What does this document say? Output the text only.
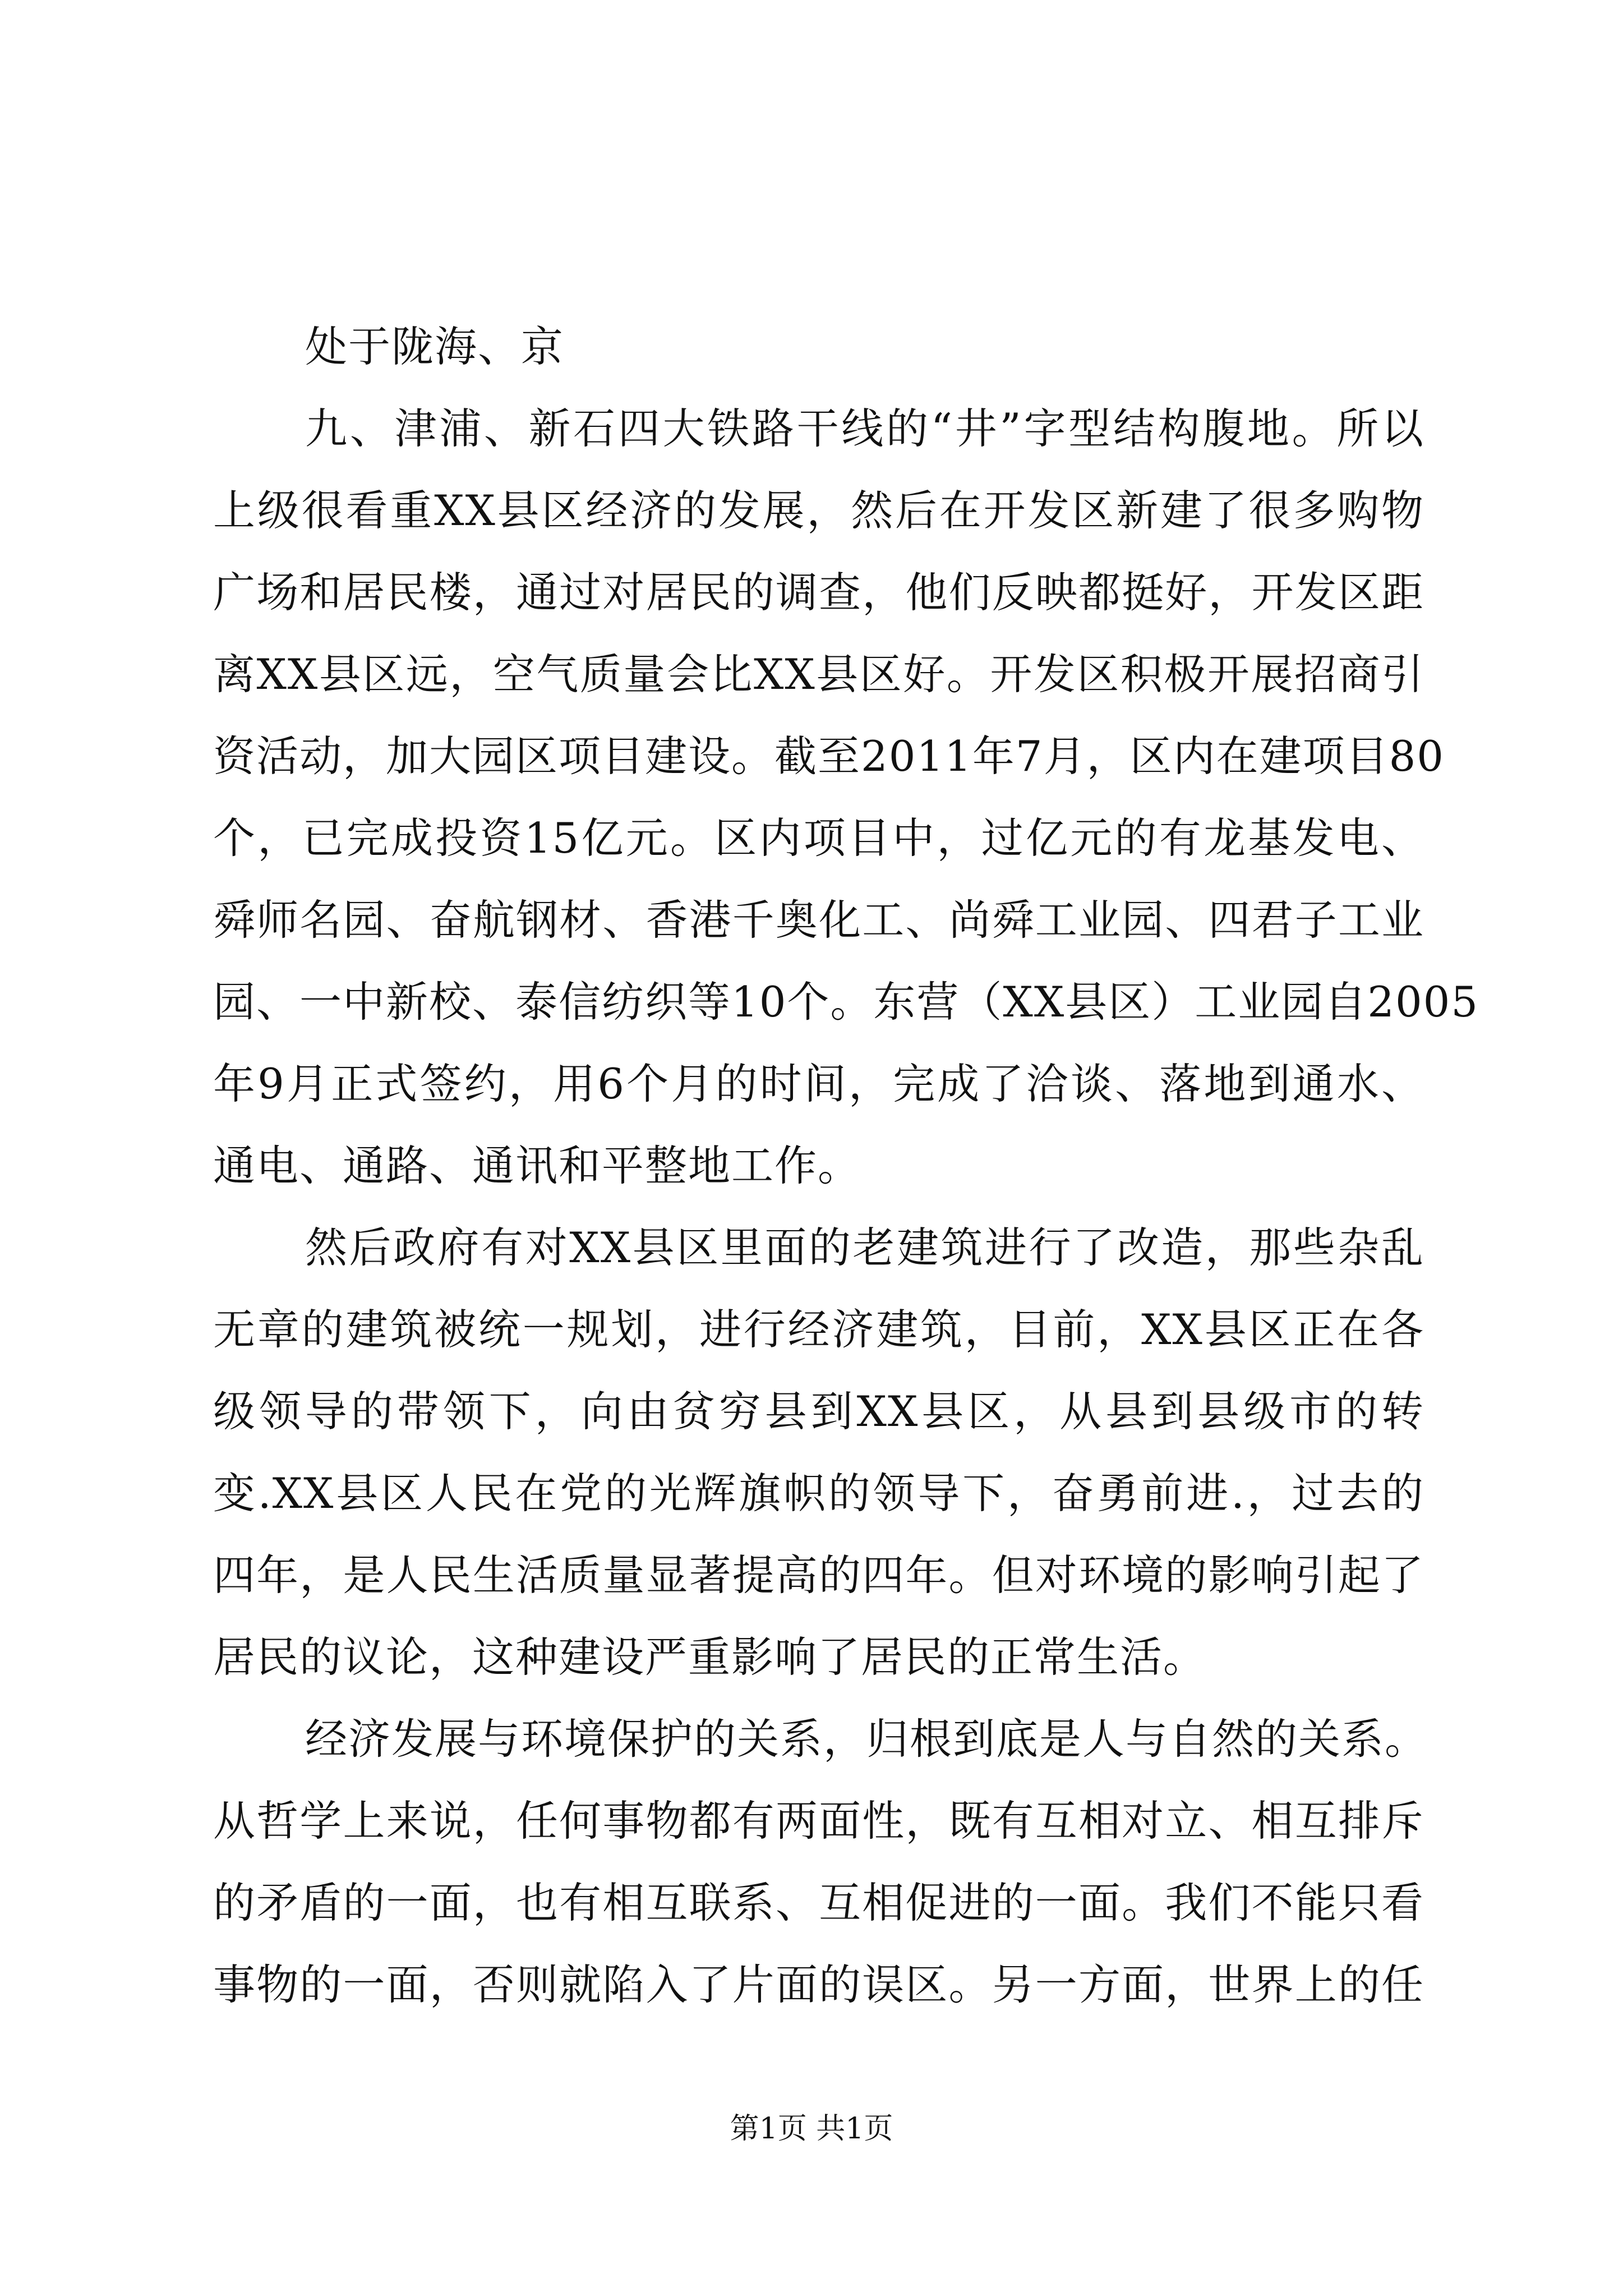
处于陇海、京
九、津浦、新石四大铁路干线的“井”字型结构腹地。所以
上级很看重XX县区经济的发展，然后在开发区新建了很多购物
广场和居民楼，通过对居民的调查，他们反映都挺好，开发区距
离XX县区远，空气质量会比XX县区好。开发区积极开展招商引
资活动，加大园区项目建设。截至2011年7月，区内在建项目80
个，已完成投资15亿元。区内项目中，过亿元的有龙基发电、
舜师名园、奋航钢材、香港千奥化工、尚舜工业园、四君子工业
园、一中新校、泰信纺织等10个。东营（XX县区）工业园自2005
年9月正式签约，用6个月的时间，完成了洽谈、落地到通水、
通电、通路、通讯和平整地工作。
然后政府有对XX县区里面的老建筑进行了改造，那些杂乱
无章的建筑被统一规划，进行经济建筑，目前，XX县区正在各
级领导的带领下，向由贫穷县到XX县区，从县到县级市的转
变.XX县区人民在党的光辉旗帜的领导下，奋勇前进.，过去的
四年，是人民生活质量显著提高的四年。但对环境的影响引起了
居民的议论，这种建设严重影响了居民的正常生活。
经济发展与环境保护的关系，归根到底是人与自然的关系。
从哲学上来说，任何事物都有两面性，既有互相对立、相互排斥
的矛盾的一面，也有相互联系、互相促进的一面。我们不能只看
事物的一面，否则就陷入了片面的误区。另一方面，世界上的任
第1页 共1页
